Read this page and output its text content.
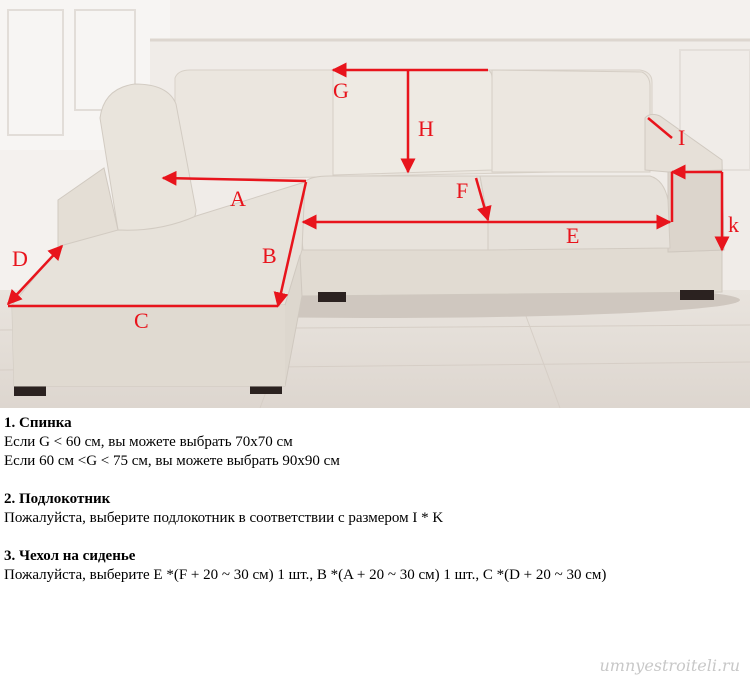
G
H
A	F
B
D
E
C
I
k
1. Спинка
Если G < 60 см, вы можете выбрать 70x70 см
Если 60 см <G < 75 см, вы можете выбрать 90x90 см
2. Подлокотник
Пожалуйста, выберите подлокотник в соответствии с размером I * K
3. Чехол на сиденье
Пожалуйста, выберите E *(F + 20 ~ 30 см) 1 шт., B *(A + 20 ~ 30 см) 1 шт., C *(D + 20 ~ 30 см)
umnyestroiteli.ru
